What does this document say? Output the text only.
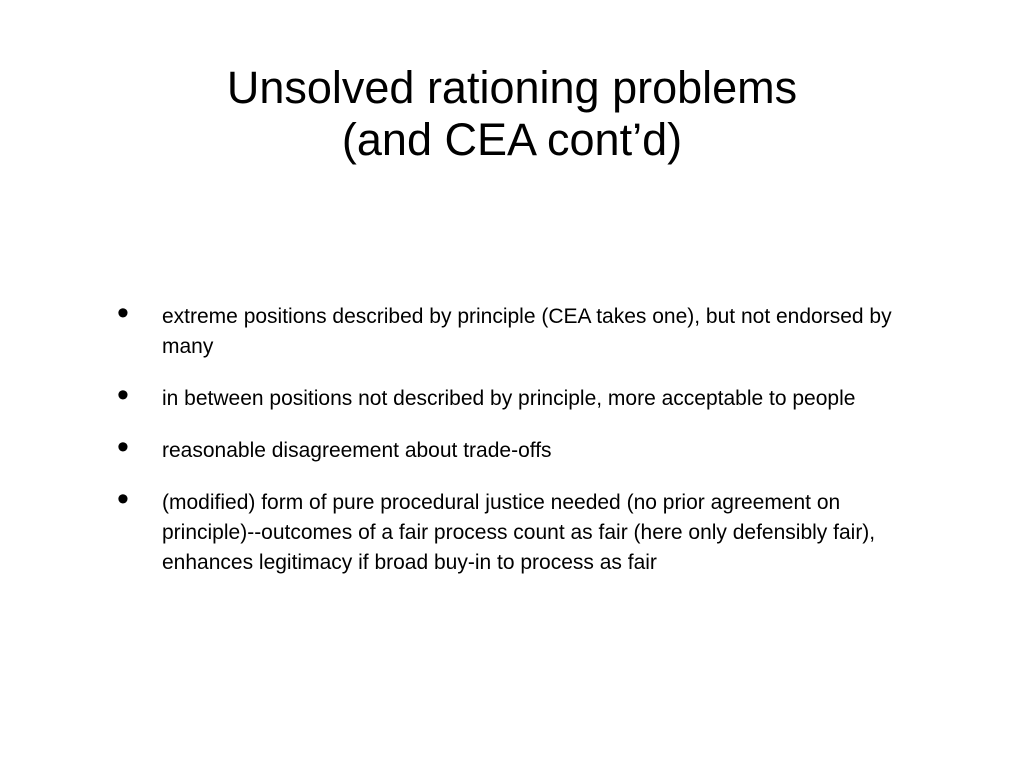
Unsolved rationing problems
(and CEA cont’d)
• extreme positions described by principle (CEA takes one), but not endorsed by many
• in between positions not described by principle, more acceptable to people
• reasonable disagreement about trade-offs
• (modified) form of pure procedural justice needed (no prior agreement on principle)--outcomes of a fair process count as fair (here only defensibly fair), enhances legitimacy if broad buy-in to process as fair
